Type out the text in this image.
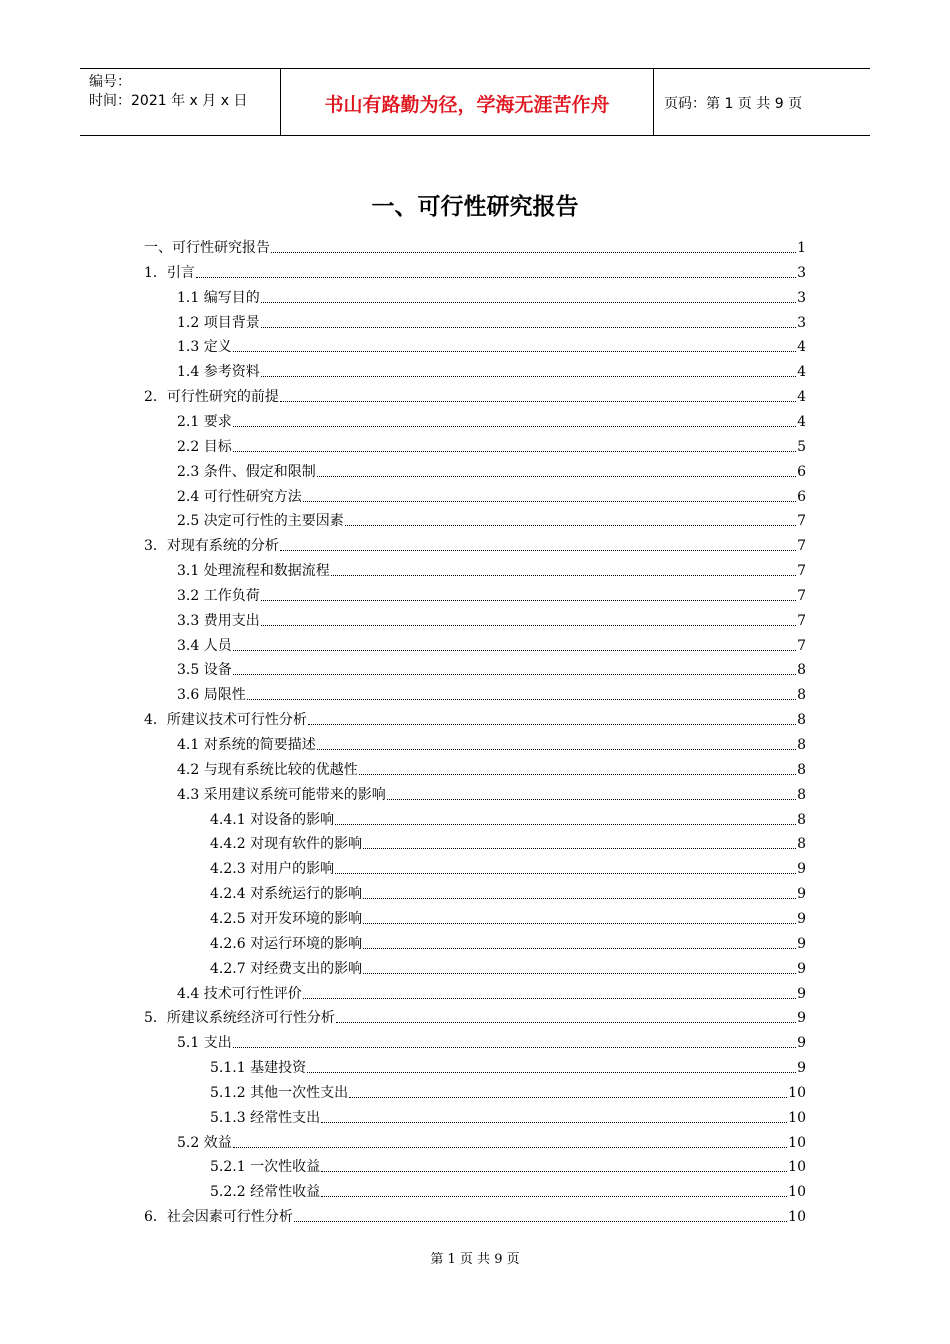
编号：
时间：2021 年 x 月 x 日	书山有路勤为径，学海无涯苦作舟	页码：第 1 页 共 9 页
一、可行性研究报告
一、可行性研究报告	1
1．引言	3
1.1 编写目的	3
1.2 项目背景	3
1.3 定义	4
1.4 参考资料	4
2．可行性研究的前提	4
2.1 要求	4
2.2 目标	5
2.3 条件、假定和限制	6
2.4 可行性研究方法	6
2.5 决定可行性的主要因素	7
3．对现有系统的分析	7
3.1 处理流程和数据流程	7
3.2 工作负荷	7
3.3 费用支出	7
3.4 人员	7
3.5 设备	8
3.6 局限性	8
4．所建议技术可行性分析	8
4.1 对系统的简要描述	8
4.2 与现有系统比较的优越性	8
4.3 采用建议系统可能带来的影响	8
4.4.1 对设备的影响	8
4.4.2 对现有软件的影响	8
4.2.3 对用户的影响	9
4.2.4 对系统运行的影响	9
4.2.5 对开发环境的影响	9
4.2.6 对运行环境的影响	9
4.2.7 对经费支出的影响	9
4.4 技术可行性评价	9
5．所建议系统经济可行性分析	9
5.1 支出	9
5.1.1 基建投资	9
5.1.2 其他一次性支出	10
5.1.3 经常性支出	10
5.2 效益	10
5.2.1 一次性收益	10
5.2.2 经常性收益	10
6．社会因素可行性分析	10
第 1 页 共 9 页
